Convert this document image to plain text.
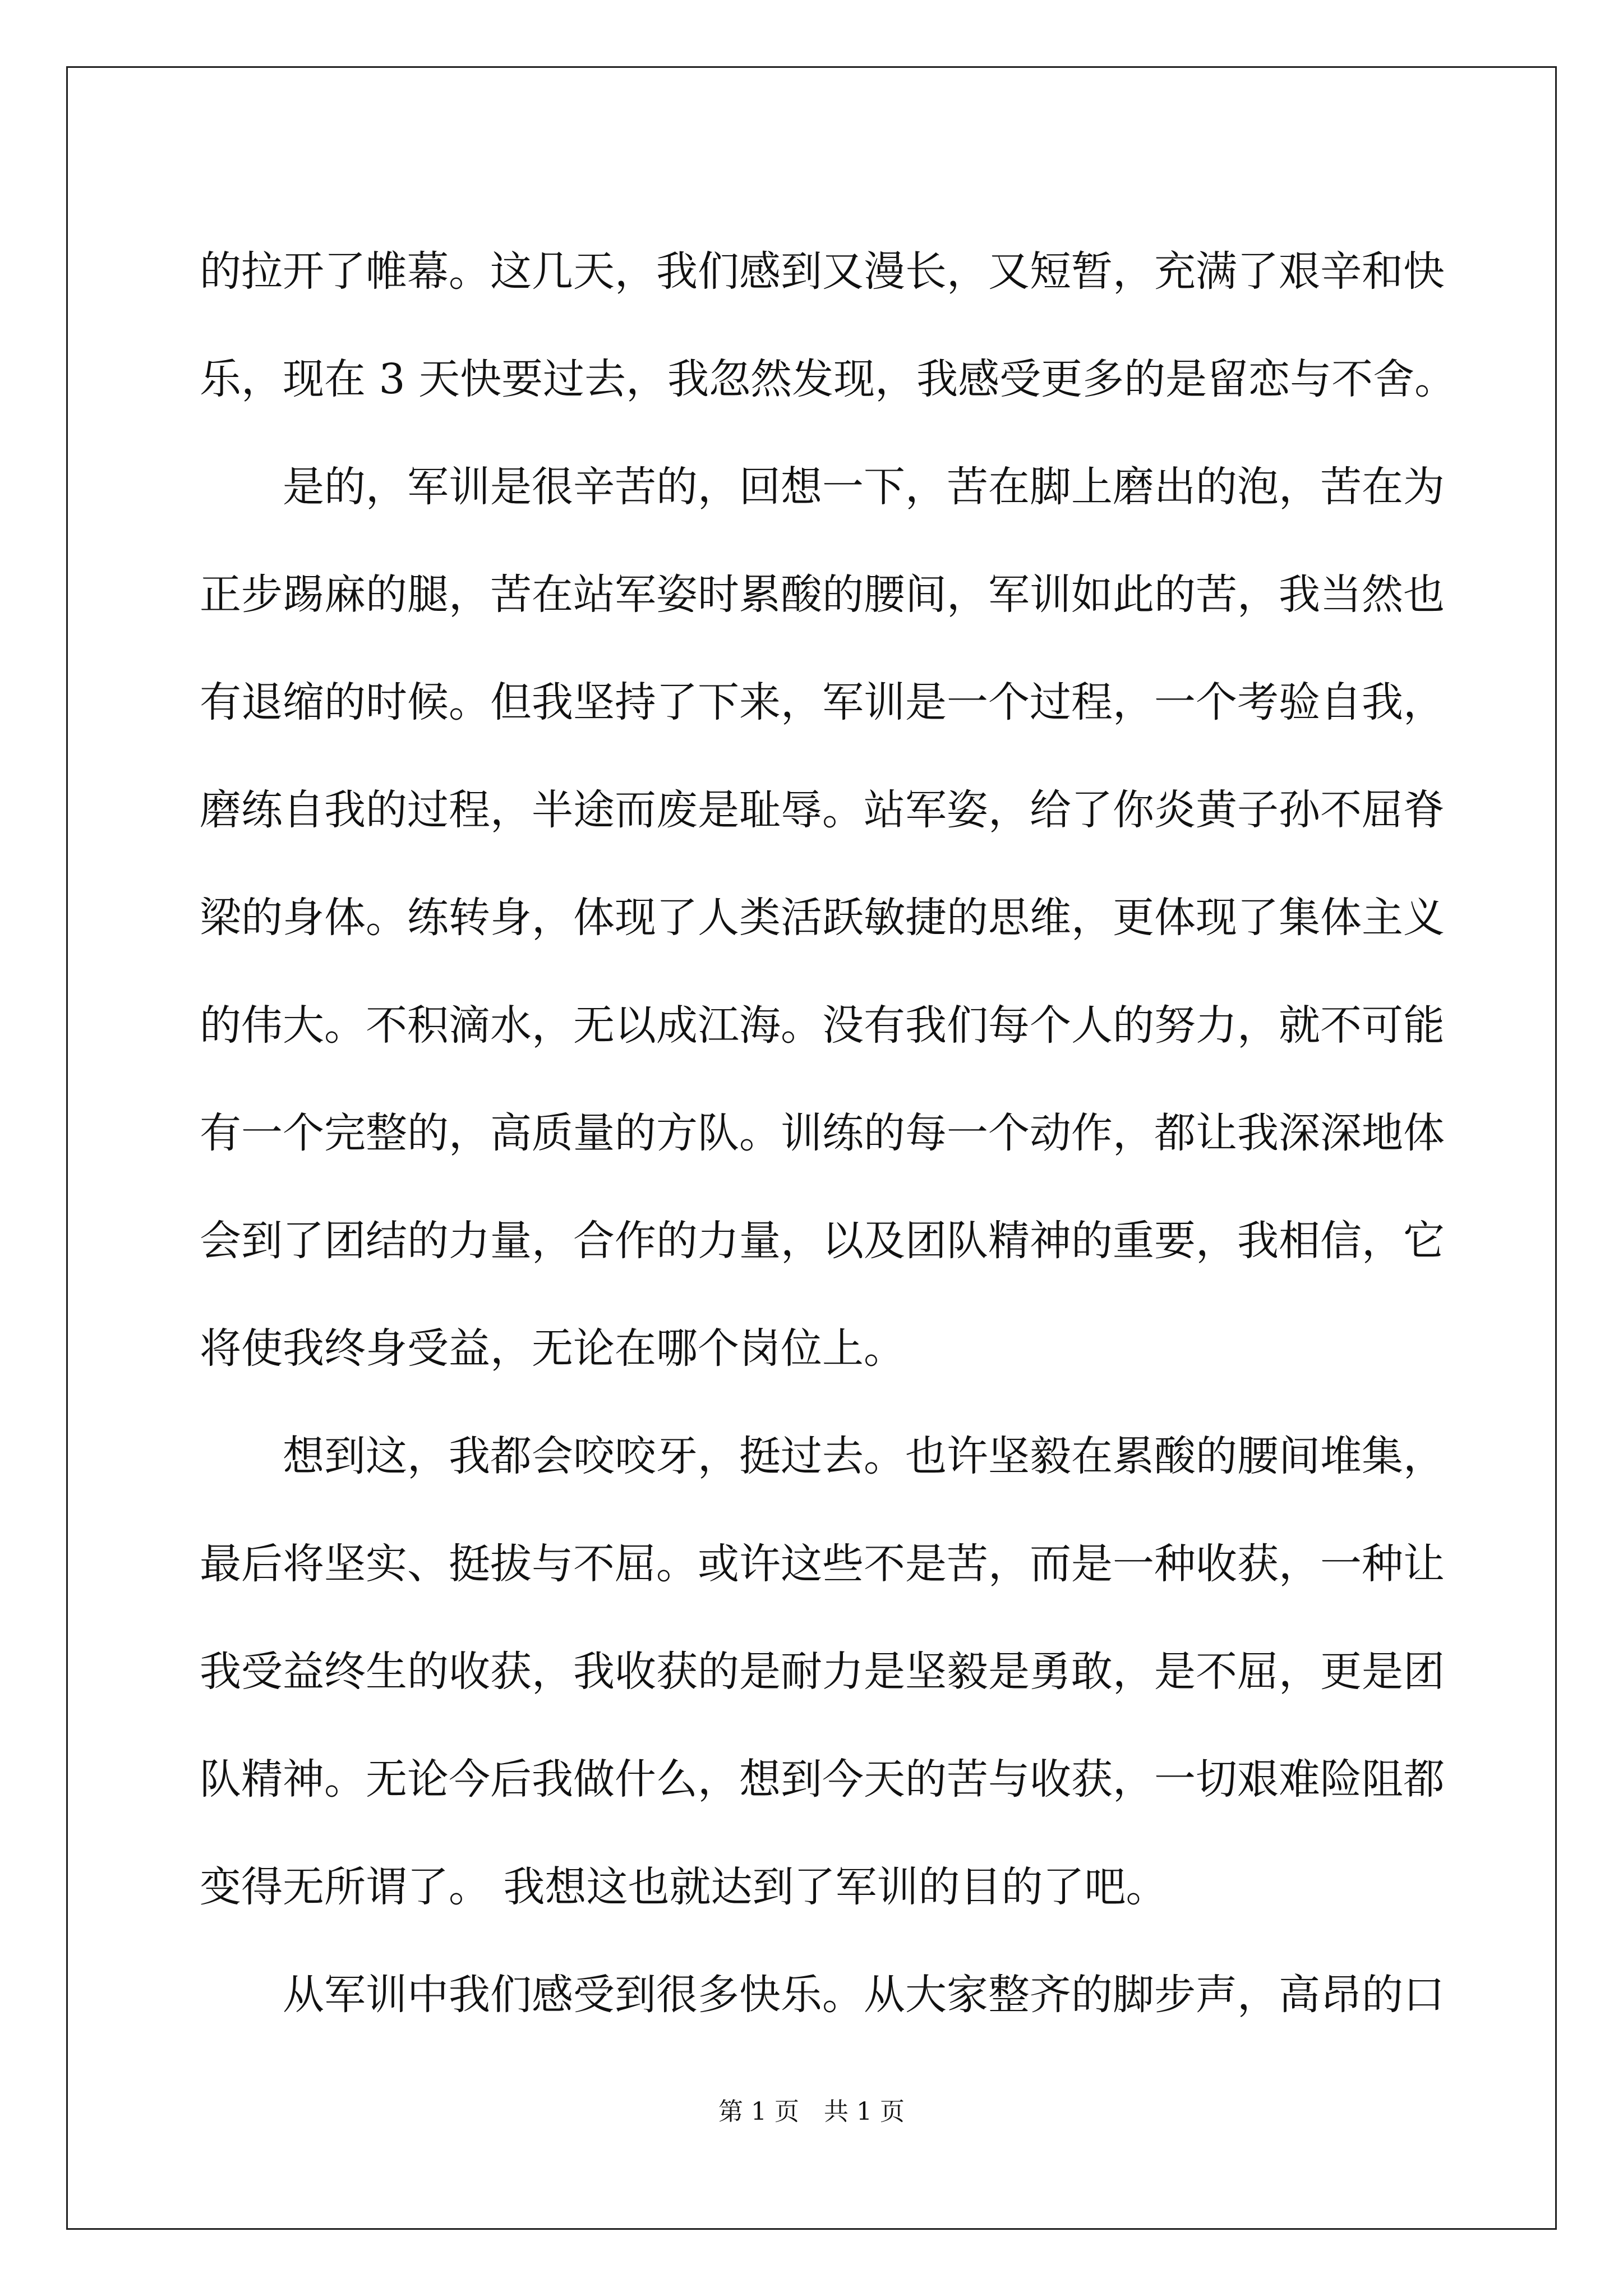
的拉开了帷幕。这几天，我们感到又漫长，又短暂，充满了艰辛和快
乐，现在 3 天快要过去，我忽然发现，我感受更多的是留恋与不舍。
是的，军训是很辛苦的，回想一下，苦在脚上磨出的泡，苦在为
正步踢麻的腿，苦在站军姿时累酸的腰间，军训如此的苦，我当然也
有退缩的时候。但我坚持了下来，军训是一个过程，一个考验自我，
磨练自我的过程，半途而废是耻辱。站军姿，给了你炎黄子孙不屈脊
梁的身体。练转身，体现了人类活跃敏捷的思维，更体现了集体主义
的伟大。不积滴水，无以成江海。没有我们每个人的努力，就不可能
有一个完整的，高质量的方队。训练的每一个动作，都让我深深地体
会到了团结的力量，合作的力量，以及团队精神的重要，我相信，它
将使我终身受益，无论在哪个岗位上。
想到这，我都会咬咬牙，挺过去。也许坚毅在累酸的腰间堆集，
最后将坚实、挺拔与不屈。或许这些不是苦，而是一种收获，一种让
我受益终生的收获，我收获的是耐力是坚毅是勇敢，是不屈，更是团
队精神。无论今后我做什么，想到今天的苦与收获，一切艰难险阻都
变得无所谓了。 我想这也就达到了军训的目的了吧。
从军训中我们感受到很多快乐。从大家整齐的脚步声，高昂的口
第 1 页　共 1 页
